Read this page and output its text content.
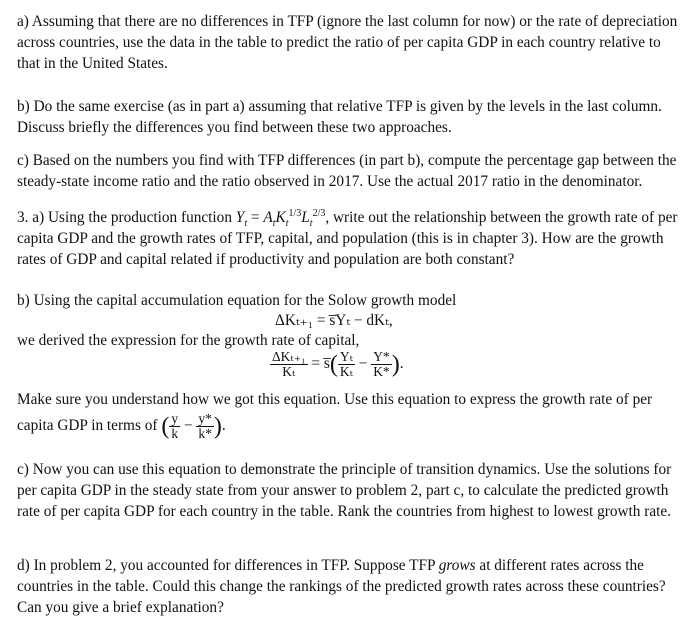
a) Assuming that there are no differences in TFP (ignore the last column for now) or the rate of depreciation across countries, use the data in the table to predict the ratio of per capita GDP in each country relative to that in the United States.

b) Do the same exercise (as in part a) assuming that relative TFP is given by the levels in the last column. Discuss briefly the differences you find between these two approaches.

c) Based on the numbers you find with TFP differences (in part b), compute the percentage gap between the steady-state income ratio and the ratio observed in 2017. Use the actual 2017 ratio in the denominator.

3. a) Using the production function $Y_t = A_tK_t^{1/3}L_t^{2/3}$, write out the relationship between the growth rate of per capita GDP and the growth rates of TFP, capital, and population (this is in chapter 3). How are the growth rates of GDP and capital related if productivity and population are both constant?

b) Using the capital accumulation equation for the Solow growth model

ΔKₜ₊₁ = s̅Yₜ − dKₜ,

we derived the expression for the growth rate of capital,

$\frac{\text{ΔKₜ₊₁}}{\text{Kₜ}}$ = s̅( $\frac{\text{Yₜ}}{\text{Kₜ}} - \frac{Y*}{K*}$ ).

Make sure you understand how we got this equation. Use this equation to express the growth rate of per

capita GDP in terms of ( $\frac{y}{k} - \frac{y*}{k*}$ ).

c) Now you can use this equation to demonstrate the principle of transition dynamics. Use the solutions for per capita GDP in the steady state from your answer to problem 2, part c, to calculate the predicted growth rate of per capita GDP for each country in the table. Rank the countries from highest to lowest growth rate.

d) In problem 2, you accounted for differences in TFP. Suppose TFP grows at different rates across the countries in the table. Could this change the rankings of the predicted growth rates across these countries? Can you give a brief explanation?
